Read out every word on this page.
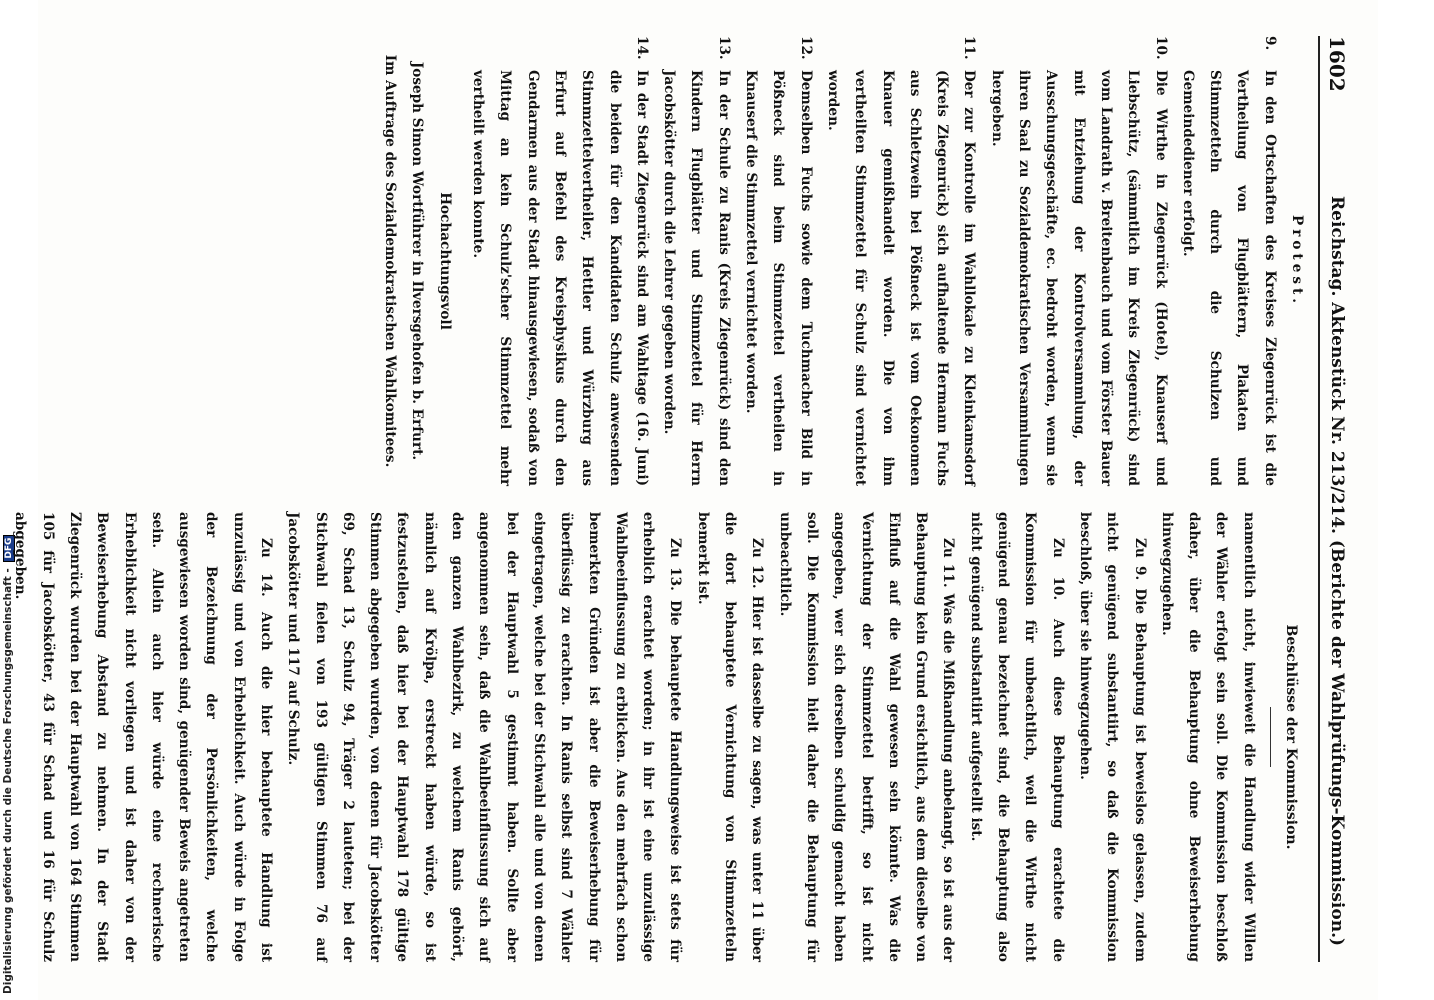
Digitalisierung gefördert durch die Deutsche Forschungsgemeinschaft - DFG
1602
Reichstag. Aktenstück Nr. 213/214. (Berichte der Wahlprüfungs-Kommission.)
Protest.
9.
In den Ortschaften des Kreises Ziegenrück ist die Vertheilung von Flugblättern, Plakaten und Stimmzetteln durch die Schulzen und Gemeindediener erfolgt.
10.
Die Wirthe in Ziegenrück (Hotel), Knauserf und Liebschütz, (sämmtlich im Kreis Ziegenrück) sind vom Landrath v. Breitenbauch und vom Förster Bauer mit Entziehung der Kontrolversammlung, der Ausschungsgeschäfte, ec. bedroht worden, wenn sie ihren Saal zu Sozialdemokratischen Versammlungen hergeben.
11.
Der zur Kontrolle im Wahllokale zu Kleinkamsdorf (Kreis Ziegenrück) sich aufhaltende Hermann Fuchs aus Schletzwein bei Pößneck ist vom Oekonomen Knauer gemißhandelt worden. Die von ihm vertheilten Stimmzettel für Schulz sind vernichtet worden.
12.
Demselben Fuchs sowie dem Tuchmacher Bild in Pößneck sind beim Stimmzettel vertheilen in Knauserf die Stimmzettel vernichtet worden.
13.
In der Schule zu Ranis (Kreis Ziegenrück) sind den Kindern Flugblätter und Stimmzettel für Herrn Jacobskötter durch die Lehrer gegeben worden.
14.
In der Stadt Ziegenrück sind am Wahltage (16. Juni) die beiden für den Kandidaten Schulz anwesenden Stimmzettelvertheiler, Hettler und Würzburg aus Erfurt auf Befehl des Kreisphysikus durch den Gendarmen aus der Stadt hinausgewiesen, sodaß von Mittag an kein Schulz'scher Stimmzettel mehr vertheilt werden konnte.
Hochachtungsvoll
Joseph Simon Wortführer in Ilversgehofen b. Erfurt.
Im Auftrage des Sozialdemokratischen Wahlkomitees.
Beschlüsse der Kommission.

namentlich nicht, inwieweit die Handlung wider Willen der Wähler erfolgt sein soll. Die Kommission beschloß daher, über die Behauptung ohne Beweiserhebung hinwegzugehen.

Zu 9. Die Behauptung ist beweislos gelassen, zudem nicht genügend substantiirt, so daß die Kommission beschloß, über sie hinwegzugehen.

Zu 10. Auch diese Behauptung erachtete die Kommission für unbeachtlich, weil die Wirthe nicht genügend genau bezeichnet sind, die Behauptung also nicht genügend substantiirt aufgestellt ist.

Zu 11. Was die Mißhandlung anbelangt, so ist aus der Behauptung kein Grund ersichtlich, aus dem dieselbe von Einfluß auf die Wahl gewesen sein könnte. Was die Vernichtung der Stimmzettel betrifft, so ist nicht angegeben, wer sich derselben schuldig gemacht haben soll. Die Kommission hielt daher die Behauptung für unbeachtlich.

Zu 12. Hier ist dasselbe zu sagen, was unter 11 über die dort behauptete Vernichtung von Stimmzetteln bemerkt ist.

Zu 13. Die behauptete Handlungsweise ist stets für erheblich erachtet worden; in ihr ist eine unzulässige Wahlbeeinflussung zu erblicken. Aus den mehrfach schon bemerkten Gründen ist aber die Beweiserhebung für überflüssig zu erachten. In Ranis selbst sind 7 Wähler eingetragen, welche bei der Stichwahl alle und von denen bei der Hauptwahl 5 gestimmt haben. Sollte aber angenommen sein, daß die Wahlbeeinflussung sich auf den ganzen Wahlbezirk, zu welchem Ranis gehört, nämlich auf Krölpa, erstreckt haben würde, so ist festzustellen, daß hier bei der Hauptwahl 178 gültige Stimmen abgegeben wurden, von denen für Jacobskötter 69, Schad 13, Schulz 94, Träger 2 lauteten; bei der Stichwahl fielen von 193 gültigen Stimmen 76 auf Jacobskötter und 117 auf Schulz.

Zu 14. Auch die hier behauptete Handlung ist unzulässig und von Erheblichkeit. Auch würde in Folge der Bezeichnung der Persönlichkeiten, welche ausgewiesen worden sind, genügender Beweis angetreten sein. Allein auch hier würde eine rechnerische Erheblichkeit nicht vorliegen und ist daher von der Beweiserhebung Abstand zu nehmen. In der Stadt Ziegenrück wurden bei der Hauptwahl von 164 Stimmen 105 für Jacobskötter, 43 für Schad und 16 für Schulz abgegeben.
